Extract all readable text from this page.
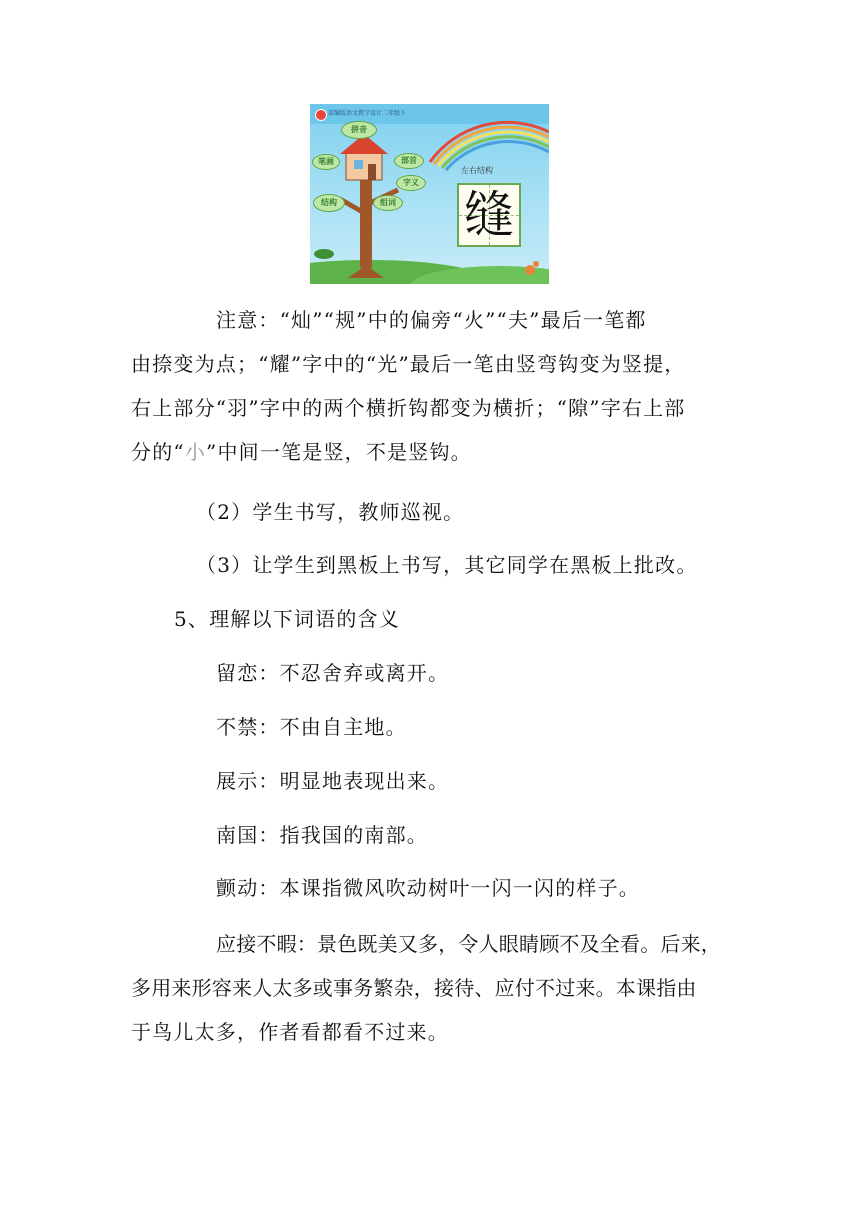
部编版语文教学设计二年级下
拼音
笔画	部首
字义
结构	组词
左右结构
缝

注意：“灿”“规”中的偏旁“火”“夫”最后一笔都

由捺变为点；“耀”字中的“光”最后一笔由竖弯钩变为竖提，

右上部分“羽”字中的两个横折钩都变为横折；“隙”字右上部

分的“小”中间一笔是竖，不是竖钩。

（2）学生书写，教师巡视。

（3）让学生到黑板上书写，其它同学在黑板上批改。

5、理解以下词语的含义

留恋：不忍舍弃或离开。

不禁：不由自主地。

展示：明显地表现出来。

南国：指我国的南部。

颤动：本课指微风吹动树叶一闪一闪的样子。

应接不暇：景色既美又多，令人眼睛顾不及全看。后来，

多用来形容来人太多或事务繁杂，接待、应付不过来。本课指由

于鸟儿太多，作者看都看不过来。
